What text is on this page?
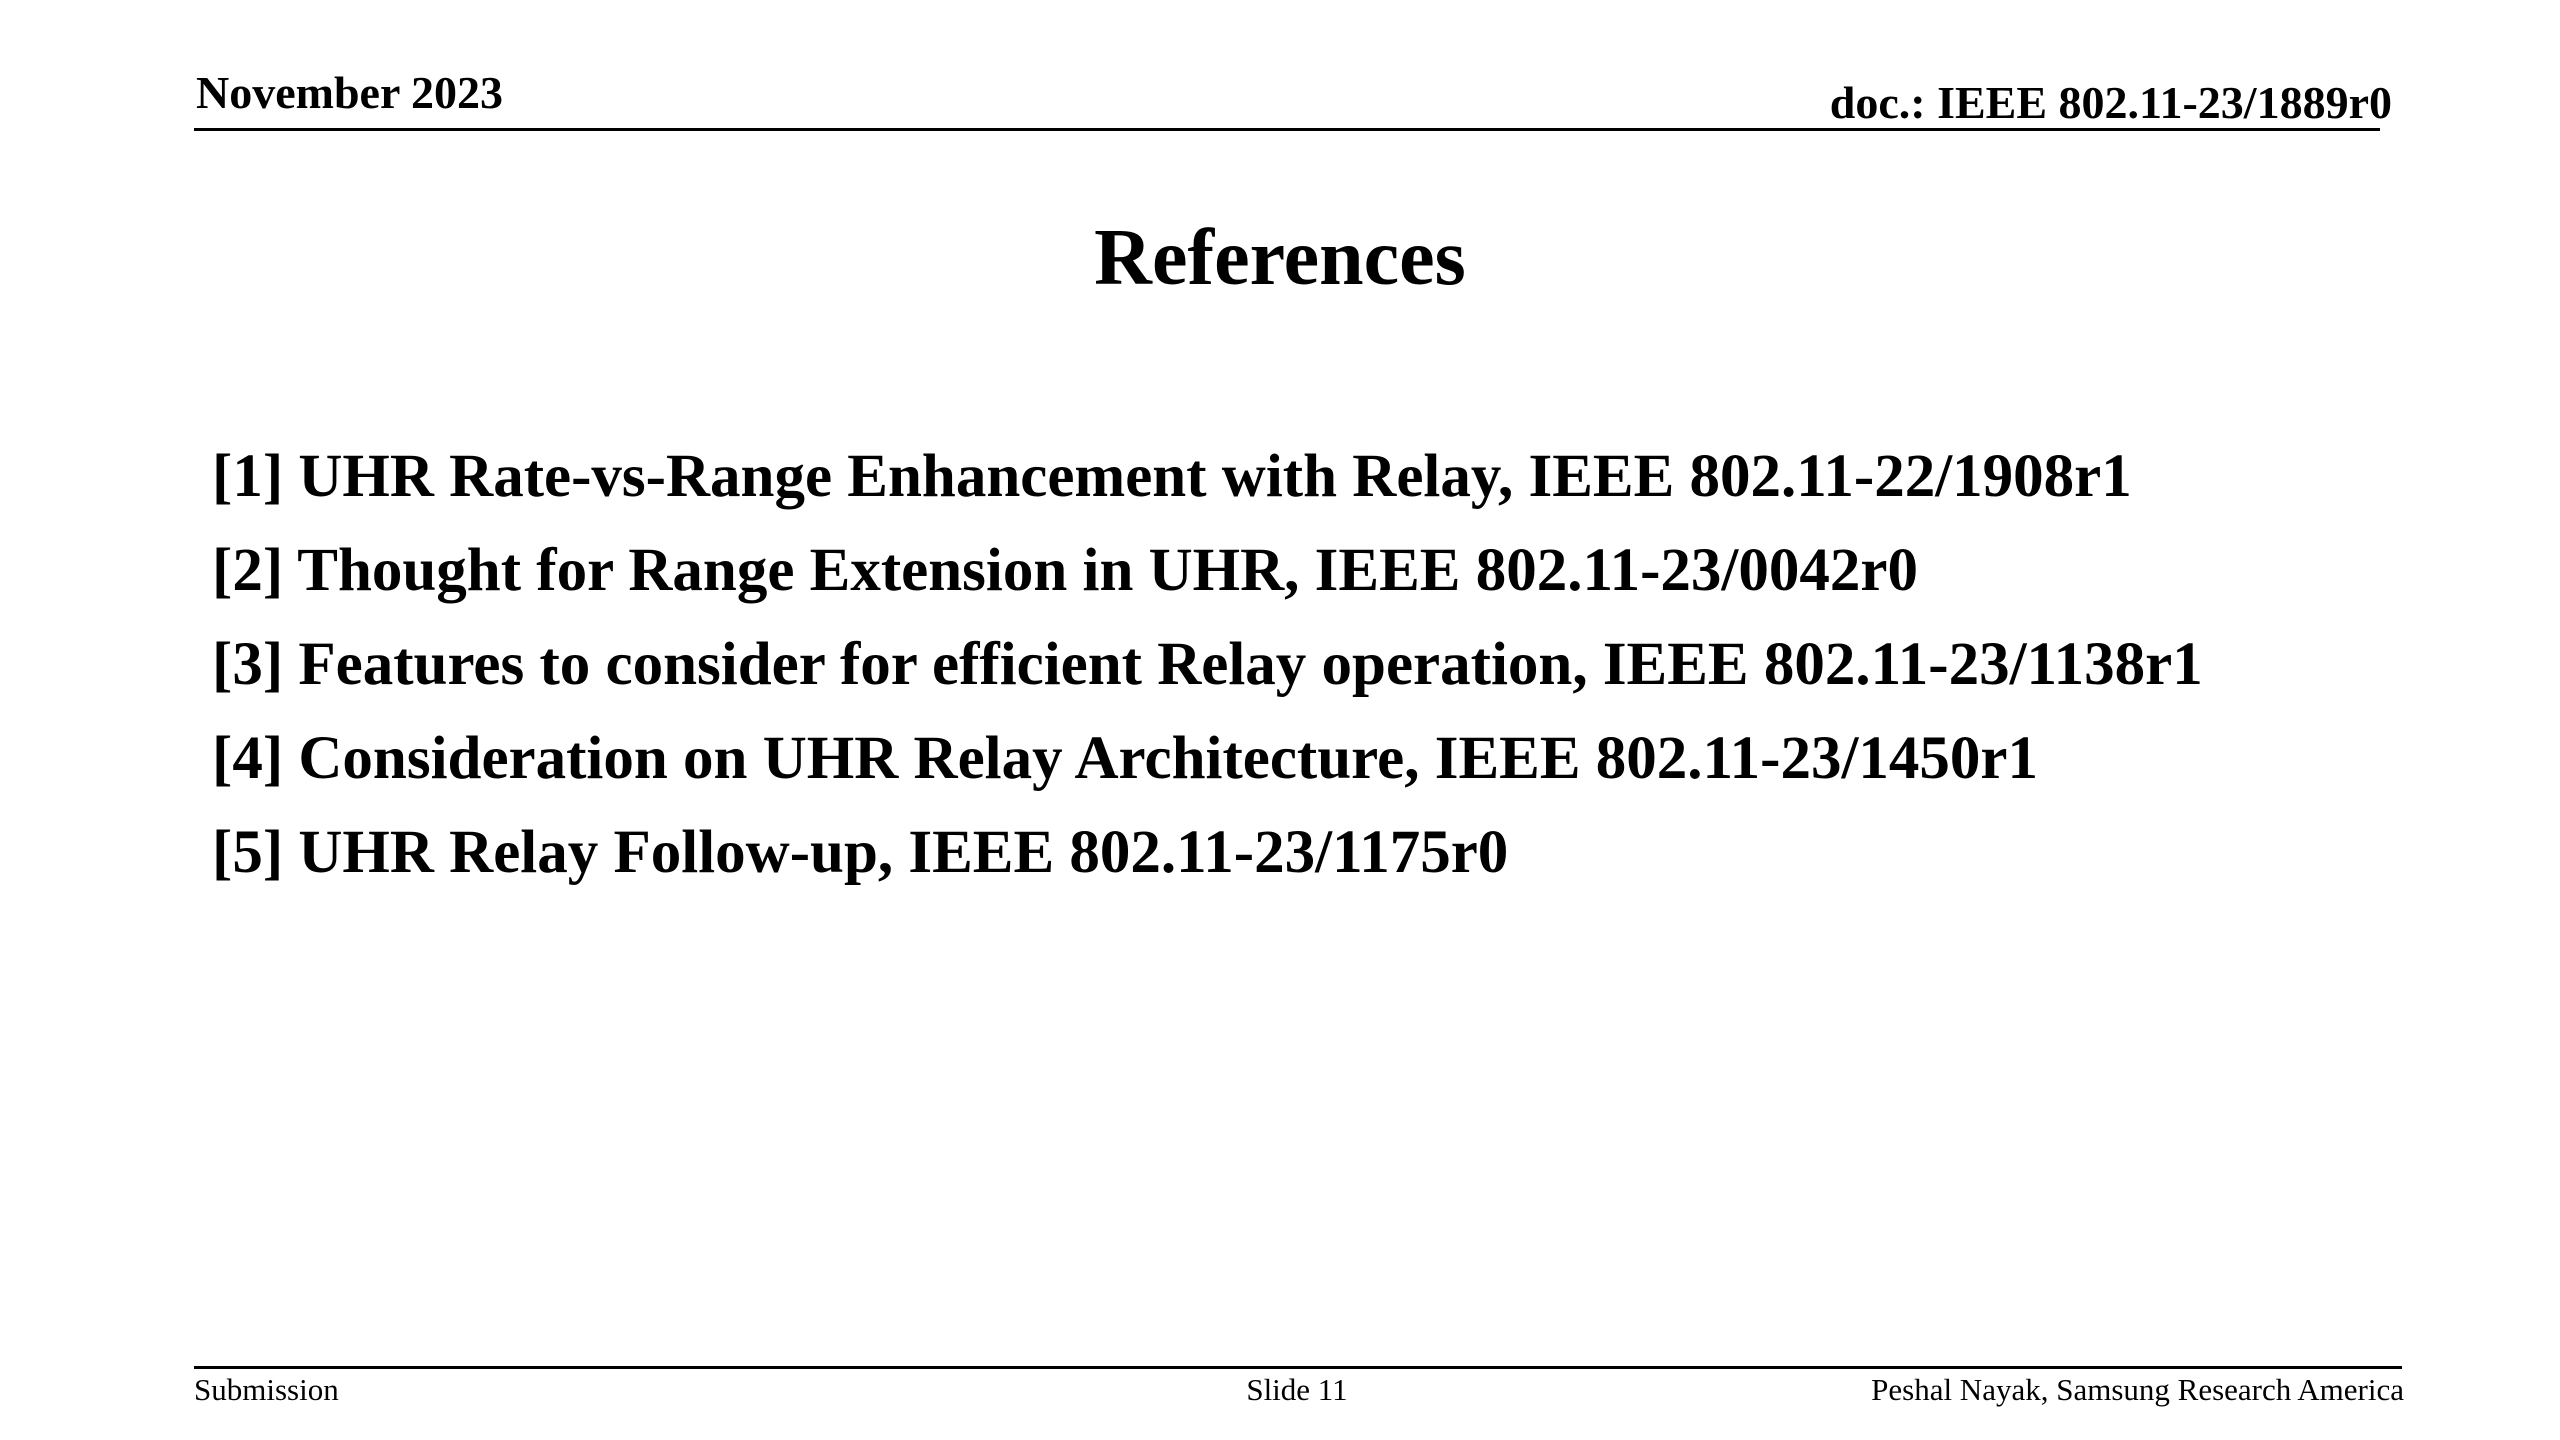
November 2023	doc.: IEEE 802.11-23/1889r0
References
[1] UHR Rate-vs-Range Enhancement with Relay, IEEE 802.11-22/1908r1
[2] Thought for Range Extension in UHR, IEEE 802.11-23/0042r0
[3] Features to consider for efficient Relay operation, IEEE 802.11-23/1138r1
[4] Consideration on UHR Relay Architecture, IEEE 802.11-23/1450r1
[5] UHR Relay Follow-up, IEEE 802.11-23/1175r0
Submission	Slide 11	Peshal Nayak, Samsung Research America
